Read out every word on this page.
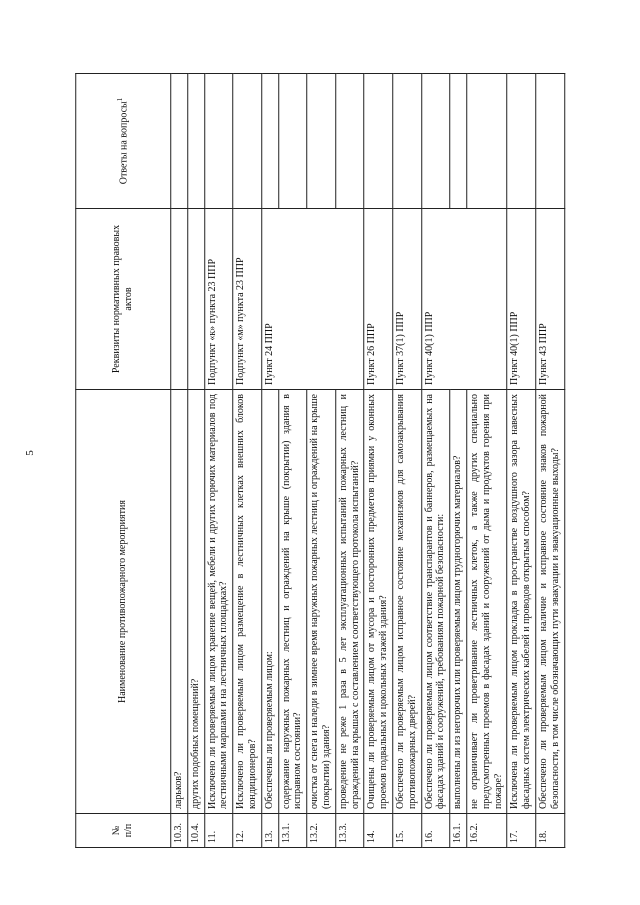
5
№
п/п	Наименование противопожарного мероприятия	Реквизиты нормативных правовых актов	Ответы на вопросы$^1$
10.3.	ларьков?		
10.4.	других подобных помещений?		
11.	Исключено ли проверяемым лицом хранение вещей, мебели и других горючих материалов под лестничными маршами и на лестничных площадках?	Подпункт «к» пункта 23 ППР	
12.	Исключено ли проверяемым лицом размещение в лестничных клетках внешних блоков кондиционеров?	Подпункт «м» пункта 23 ППР	
13.	Обеспечены ли проверяемым лицом:	Пункт 24 ППР	
13.1.	содержание наружных пожарных лестниц и ограждений на крыше (покрытии) здания в исправном состоянии?		
13.2.	очистка от снега и наледи в зимнее время наружных пожарных лестниц и ограждений на крыше (покрытии) здания?		
13.3.	проведение не реже 1 раза в 5 лет эксплуатационных испытаний пожарных лестниц и ограждений на крышах с составлением соответствующего протокола испытаний?		
14.	Очищены ли проверяемым лицом от мусора и посторонних предметов приямки у оконных проемов подвальных и цокольных этажей здания?	Пункт 26 ППР	
15.	Обеспечено ли проверяемым лицом исправное состояние механизмов для самозакрывания противопожарных дверей?	Пункт 37(1) ППР	
16.	Обеспечено ли проверяемым лицом соответствие транспарантов и баннеров, размещаемых на фасадах зданий и сооружений, требованиям пожарной безопасности:	Пункт 40(1) ППР	
16.1.	выполнены ли из негорючих или проверяемым лицом трудногорючих материалов?		
16.2.	не ограничивает ли проветривание лестничных клеток, а также других специально предусмотренных проемов в фасадах зданий и сооружений от дыма и продуктов горения при пожаре?		
17.	Исключена ли проверяемым лицом прокладка в пространстве воздушного зазора навесных фасадных систем электрических кабелей и проводов открытым способом?	Пункт 40(1) ППР	
18.	Обеспечено ли проверяемым лицом наличие и исправное состояние знаков пожарной безопасности, в том числе обозначающих пути эвакуации и эвакуационные выходы?	Пункт 43 ППР	
